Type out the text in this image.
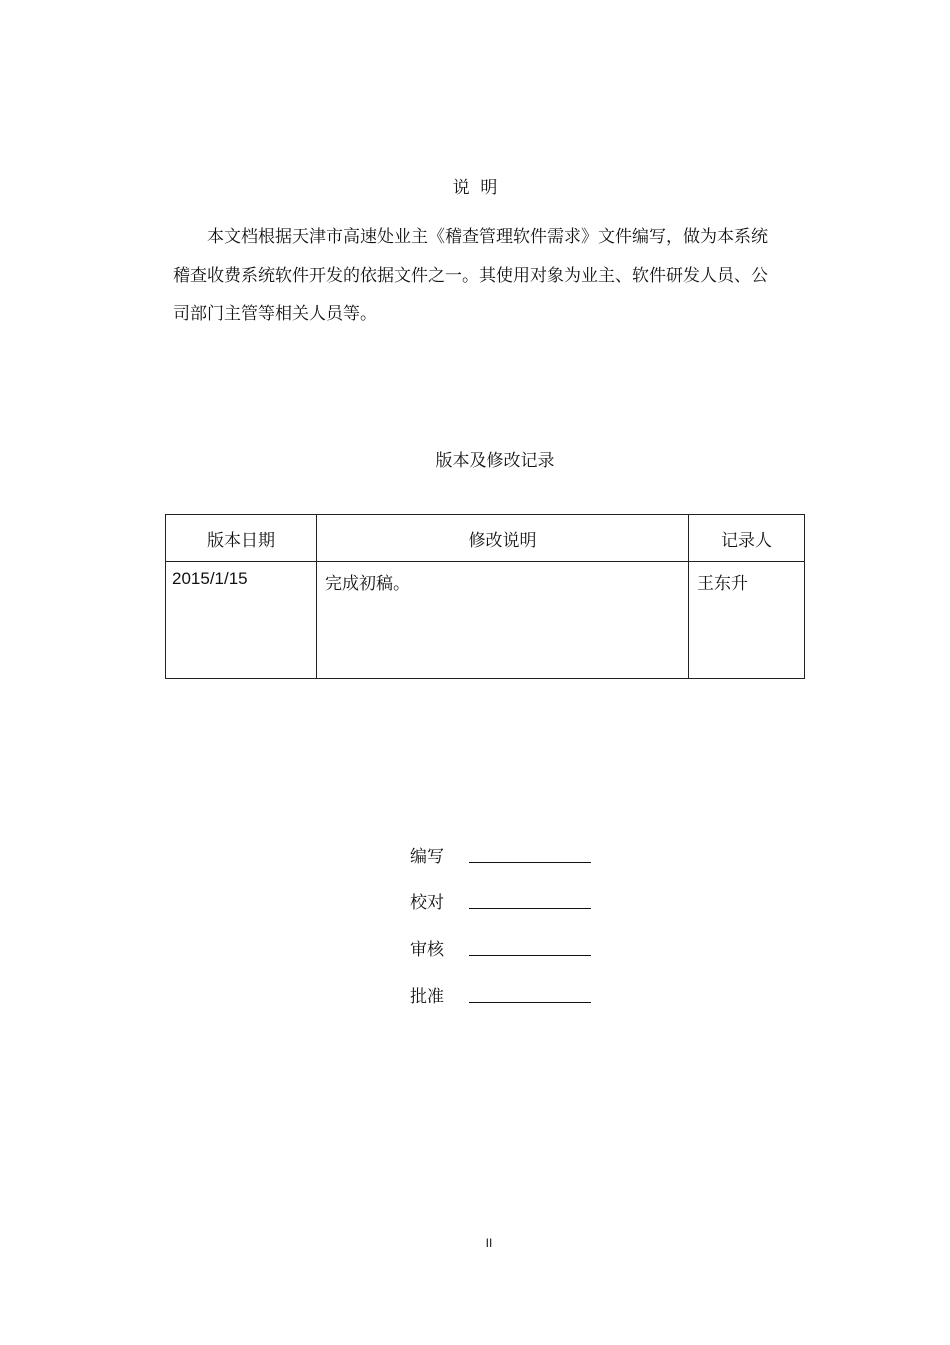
说  明

本文档根据天津市高速处业主《稽查管理软件需求》文件编写，做为本系统稽查收费系统软件开发的依据文件之一。其使用对象为业主、软件研发人员、公司部门主管等相关人员等。

版本及修改记录
版本日期	修改说明	记录人
2015/1/15	完成初稿。	王东升
编写
校对
审核
批准
II
